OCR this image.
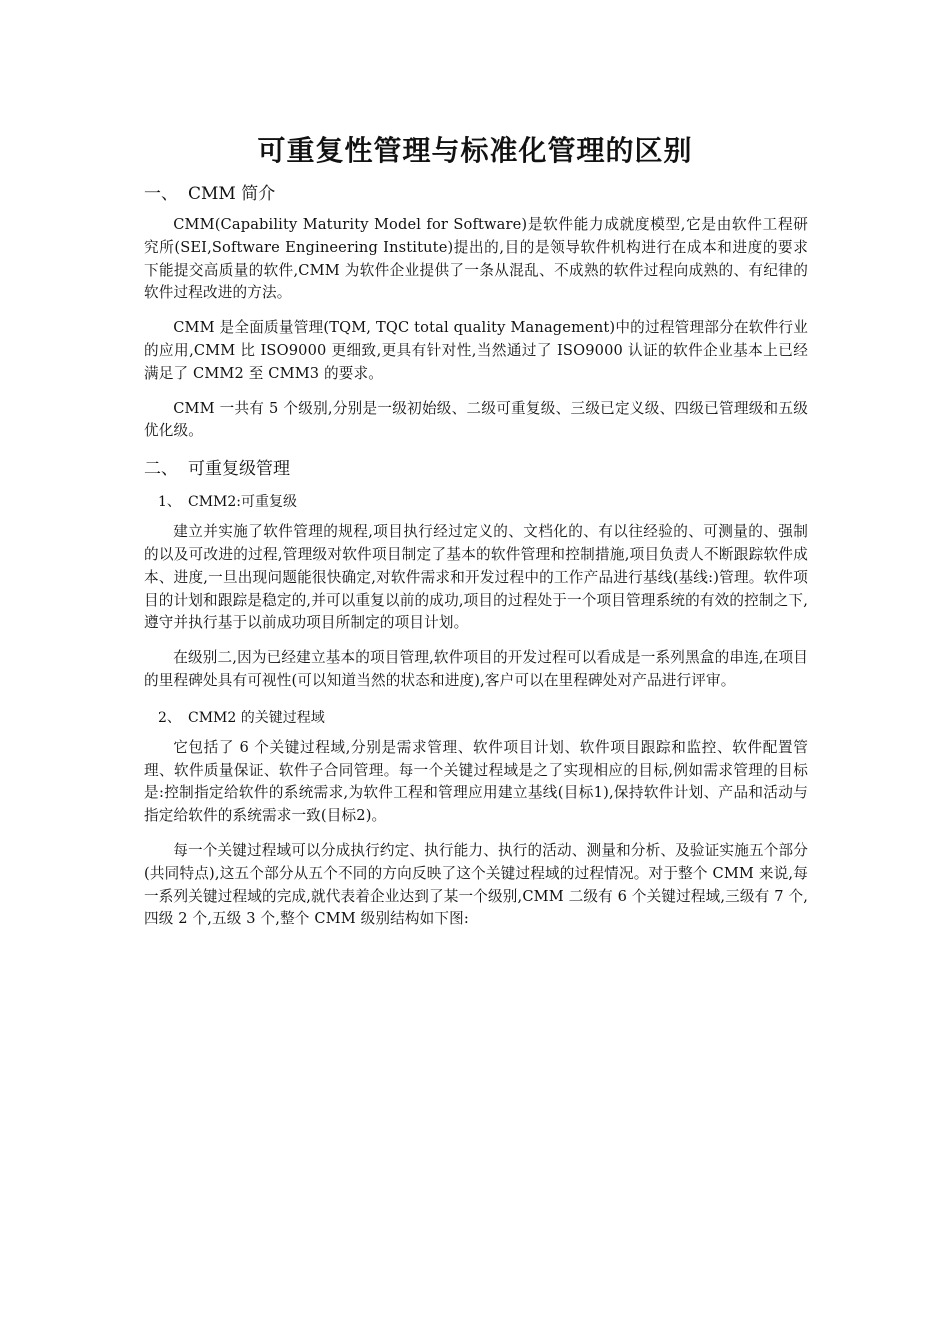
可重复性管理与标准化管理的区别
一、 CMM 简介

CMM(Capability Maturity Model for Software)是软件能力成就度模型,它是由软件工程研究所(SEI,Software Engineering Institute)提出的,目的是领导软件机构进行在成本和进度的要求下能提交高质量的软件,CMM 为软件企业提供了一条从混乱、不成熟的软件过程向成熟的、有纪律的软件过程改进的方法。

CMM 是全面质量管理(TQM, TQC total quality Management)中的过程管理部分在软件行业的应用,CMM 比 ISO9000 更细致,更具有针对性,当然通过了 ISO9000 认证的软件企业基本上已经满足了 CMM2 至 CMM3 的要求。

CMM 一共有 5 个级别,分别是一级初始级、二级可重复级、三级已定义级、四级已管理级和五级优化级。

二、 可重复级管理
1、 CMM2:可重复级

建立并实施了软件管理的规程,项目执行经过定义的、文档化的、有以往经验的、可测量的、强制的以及可改进的过程,管理级对软件项目制定了基本的软件管理和控制措施,项目负责人不断跟踪软件成本、进度,一旦出现问题能很快确定,对软件需求和开发过程中的工作产品进行基线(基线:)管理。软件项目的计划和跟踪是稳定的,并可以重复以前的成功,项目的过程处于一个项目管理系统的有效的控制之下,遵守并执行基于以前成功项目所制定的项目计划。

在级别二,因为已经建立基本的项目管理,软件项目的开发过程可以看成是一系列黑盒的串连,在项目的里程碑处具有可视性(可以知道当然的状态和进度),客户可以在里程碑处对产品进行评审。

2、 CMM2 的关键过程域

它包括了 6 个关键过程域,分别是需求管理、软件项目计划、软件项目跟踪和监控、软件配置管理、软件质量保证、软件子合同管理。每一个关键过程域是之了实现相应的目标,例如需求管理的目标是:控制指定给软件的系统需求,为软件工程和管理应用建立基线(目标1),保持软件计划、产品和活动与指定给软件的系统需求一致(目标2)。

每一个关键过程域可以分成执行约定、执行能力、执行的活动、测量和分析、及验证实施五个部分(共同特点),这五个部分从五个不同的方向反映了这个关键过程域的过程情况。对于整个 CMM 来说,每一系列关键过程域的完成,就代表着企业达到了某一个级别,CMM 二级有 6 个关键过程域,三级有 7 个,四级 2 个,五级 3 个,整个 CMM 级别结构如下图:
